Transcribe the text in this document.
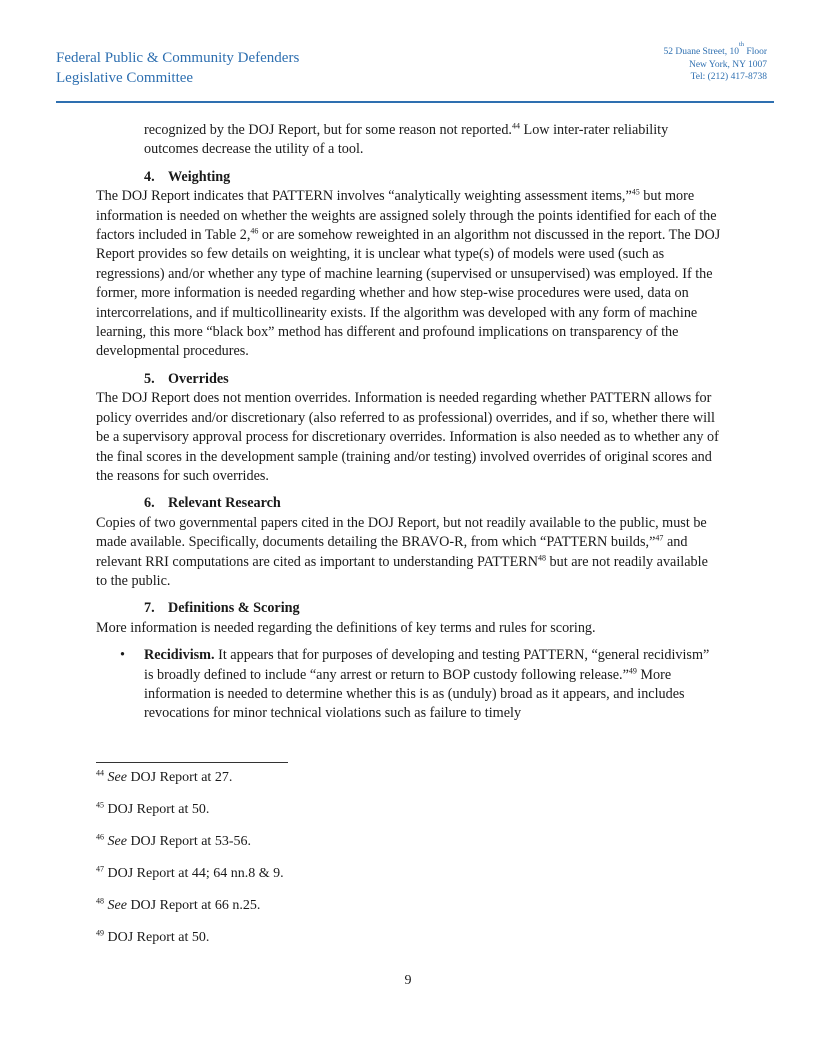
Federal Public & Community Defenders
Legislative Committee
52 Duane Street, 10th Floor
New York, NY 1007
Tel: (212) 417-8738

recognized by the DOJ Report, but for some reason not reported.$^{44}$ Low inter-rater reliability outcomes decrease the utility of a tool.

4. Weighting

The DOJ Report indicates that PATTERN involves “analytically weighting assessment items,”$^{45}$ but more information is needed on whether the weights are assigned solely through the points identified for each of the factors included in Table 2,46 or are somehow reweighted in an algorithm not discussed in the report. The DOJ Report provides so few details on weighting, it is unclear what type(s) of models were used (such as regressions) and/or whether any type of machine learning (supervised or unsupervised) was employed. If the former, more information is needed regarding whether and how step-wise procedures were used, data on intercorrelations, and if multicollinearity exists. If the algorithm was developed with any form of machine learning, this more “black box” method has different and profound implications on transparency of the developmental procedures.

5. Overrides

The DOJ Report does not mention overrides. Information is needed regarding whether PATTERN allows for policy overrides and/or discretionary (also referred to as professional) overrides, and if so, whether there will be a supervisory approval process for discretionary overrides. Information is also needed as to whether any of the final scores in the development sample (training and/or testing) involved overrides of original scores and the reasons for such overrides.

6. Relevant Research

Copies of two governmental papers cited in the DOJ Report, but not readily available to the public, must be made available. Specifically, documents detailing the BRAVO-R, from which “PATTERN builds,”$^{47}$ and relevant RRI computations are cited as important to understanding PATTERN$^{48}$ but are not readily available to the public.

7. Definitions & Scoring

More information is needed regarding the definitions of key terms and rules for scoring.

• Recidivism. It appears that for purposes of developing and testing PATTERN, “general recidivism” is broadly defined to include “any arrest or return to BOP custody following release.”$^{49}$ More information is needed to determine whether this is as (unduly) broad as it appears, and includes revocations for minor technical violations such as failure to timely
$^{44}$ See DOJ Report at 27.
$^{45}$ DOJ Report at 50.
$^{46}$ See DOJ Report at 53-56.
$^{47}$ DOJ Report at 44; 64 nn.8 & 9.
$^{48}$ See DOJ Report at 66 n.25.
$^{49}$ DOJ Report at 50.
9
